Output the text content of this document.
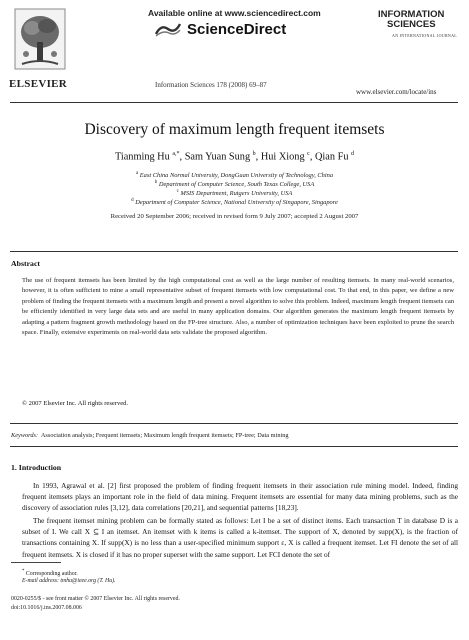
ELSEVIER
Available online at www.sciencedirect.com
ScienceDirect
Information Sciences 178 (2008) 69–87
INFORMATION
SCIENCES
AN INTERNATIONAL JOURNAL
www.elsevier.com/locate/ins
Discovery of maximum length frequent itemsets
Tianming Hu $^{a,*}$, Sam Yuan Sung $^b$, Hui Xiong $^c$, Qian Fu $^d$
$^a$ East China Normal University, DongGuan University of Technology, China
$^b$ Department of Computer Science, South Texas College, USA
$^c$ MSIS Department, Rutgers University, USA
$^d$ Department of Computer Science, National University of Singapore, Singapore
Received 20 September 2006; received in revised form 9 July 2007; accepted 2 August 2007
Abstract

The use of frequent itemsets has been limited by the high computational cost as well as the large number of resulting itemsets. In many real-world scenarios, however, it is often sufficient to mine a small representative subset of frequent itemsets with low computational cost. To that end, in this paper, we define a new problem of finding the frequent itemsets with a maximum length and present a novel algorithm to solve this problem. Indeed, maximum length frequent itemsets can be efficiently identified in very large data sets and are useful in many application domains. Our algorithm generates the maximum length frequent itemsets by adapting a pattern fragment growth methodology based on the FP-tree structure. Also, a number of optimization techniques have been exploited to prune the search space. Finally, extensive experiments on real-world data sets validate the proposed algorithm.

© 2007 Elsevier Inc. All rights reserved.
Keywords: Association analysis; Frequent itemsets; Maximum length frequent itemsets; FP-tree; Data mining
1. Introduction

In 1993, Agrawal et al. [2] first proposed the problem of finding frequent itemsets in their association rule mining model. Indeed, finding frequent itemsets plays an important role in the field of data mining. Frequent itemsets are essential for many data mining problems, such as the discovery of association rules [3,12], data correlations [20,21], and sequential patterns [18,23].

The frequent itemset mining problem can be formally stated as follows: Let I be a set of distinct items. Each transaction T in database D is a subset of I. We call X ⊆ I an itemset. An itemset with k items is called a k-itemset. The support of X, denoted by supp(X), is the fraction of transactions containing X. If supp(X) is no less than a user-specified minimum support ε, X is called a frequent itemset. Let FI denote the set of all frequent itemsets. X is closed if it has no proper superset with the same support. Let FCI denote the set of

* Corresponding author.
E-mail address: tmhu@ieee.org (T. Hu).
0020-0255/$ - see front matter © 2007 Elsevier Inc. All rights reserved.
doi:10.1016/j.ins.2007.08.006
